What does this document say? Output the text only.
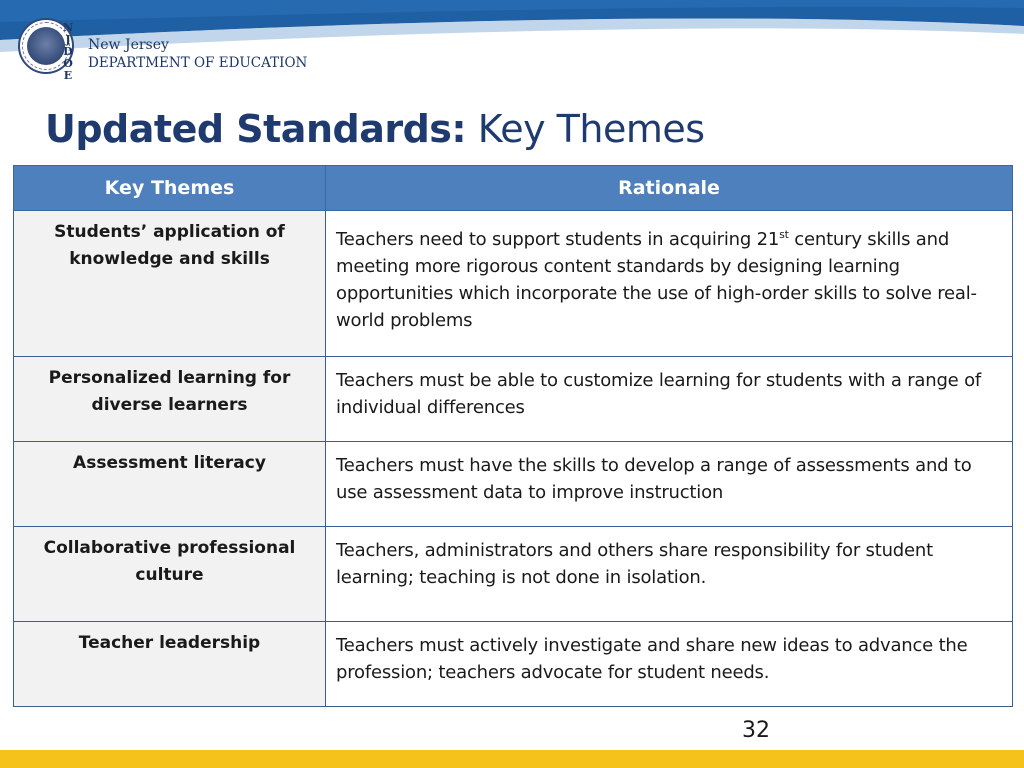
N
J
D
O
E
New Jersey
DEPARTMENT OF EDUCATION
Updated Standards: Key Themes
Key Themes	Rationale
Students’ application of knowledge and skills	Teachers need to support students in acquiring 21st century skills and meeting more rigorous content standards by designing learning opportunities which incorporate the use of high-order skills to solve real-world problems
Personalized learning for diverse learners	Teachers must be able to customize learning for students with a range of individual differences
Assessment literacy	Teachers must have the skills to develop a range of assessments and to use assessment data to improve instruction
Collaborative professional culture	Teachers, administrators and others share responsibility for student learning; teaching is not done in isolation.
Teacher leadership	Teachers must actively investigate and share new ideas to advance the profession; teachers advocate for student needs.
32
